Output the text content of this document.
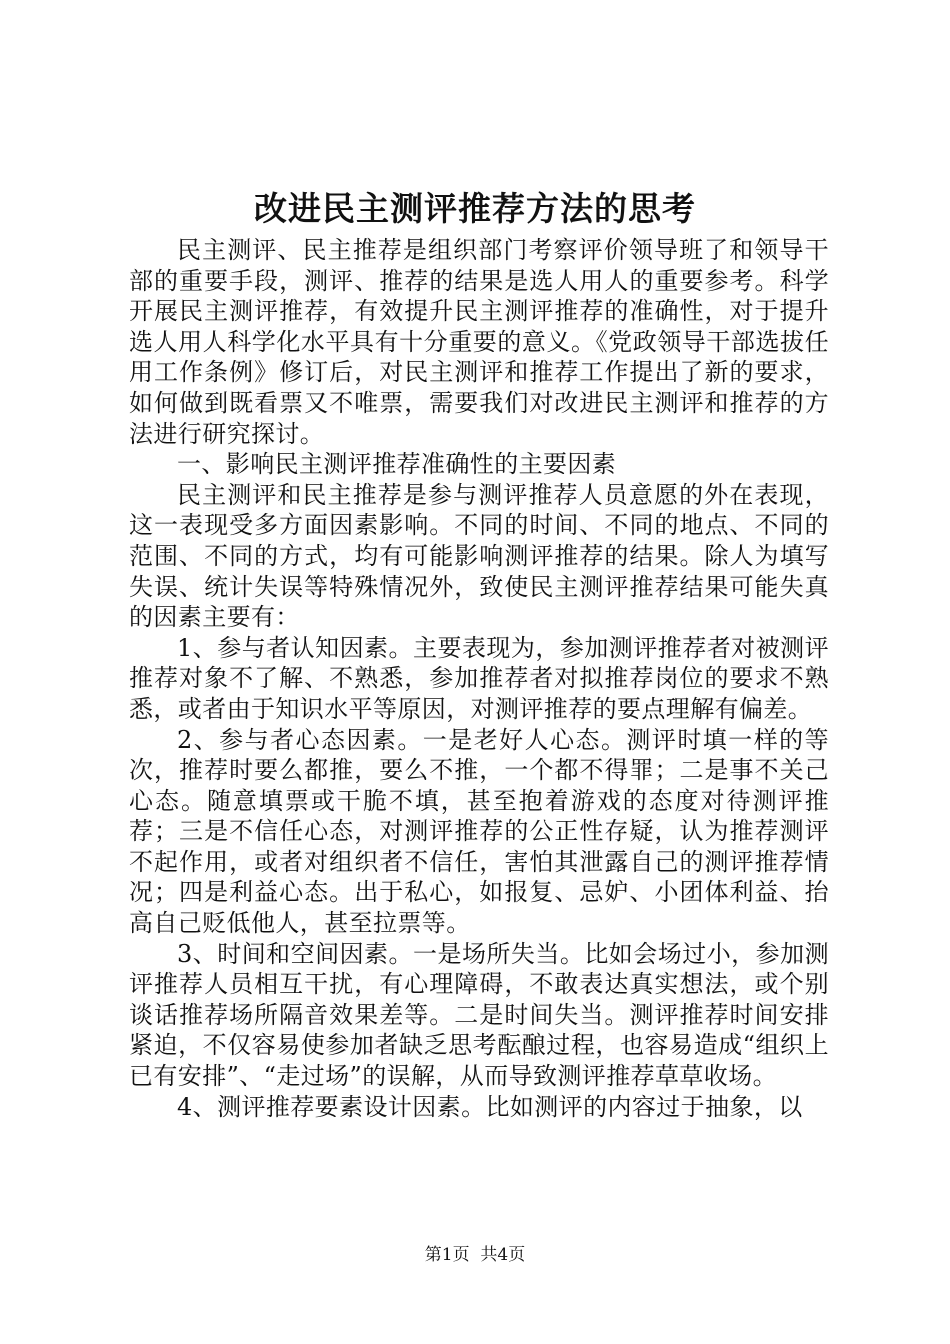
改进民主测评推荐方法的思考

民主测评、民主推荐是组织部门考察评价领导班了和领导干部的重要手段，测评、推荐的结果是选人用人的重要参考。科学开展民主测评推荐，有效提升民主测评推荐的准确性，对于提升选人用人科学化水平具有十分重要的意义。《党政领导干部选拔任用工作条例》修订后，对民主测评和推荐工作提出了新的要求，如何做到既看票又不唯票，需要我们对改进民主测评和推荐的方法进行研究探讨。

一、影响民主测评推荐准确性的主要因素

民主测评和民主推荐是参与测评推荐人员意愿的外在表现，这一表现受多方面因素影响。不同的时间、不同的地点、不同的范围、不同的方式，均有可能影响测评推荐的结果。除人为填写失误、统计失误等特殊情况外，致使民主测评推荐结果可能失真的因素主要有：

1、参与者认知因素。主要表现为，参加测评推荐者对被测评推荐对象不了解、不熟悉，参加推荐者对拟推荐岗位的要求不熟悉，或者由于知识水平等原因，对测评推荐的要点理解有偏差。

2、参与者心态因素。一是老好人心态。测评时填一样的等次，推荐时要么都推，要么不推，一个都不得罪；二是事不关己心态。随意填票或干脆不填，甚至抱着游戏的态度对待测评推荐；三是不信任心态，对测评推荐的公正性存疑，认为推荐测评不起作用，或者对组织者不信任，害怕其泄露自己的测评推荐情况；四是利益心态。出于私心，如报复、忌妒、小团体利益、抬高自己贬低他人，甚至拉票等。

3、时间和空间因素。一是场所失当。比如会场过小，参加测评推荐人员相互干扰，有心理障碍，不敢表达真实想法，或个别谈话推荐场所隔音效果差等。二是时间失当。测评推荐时间安排紧迫，不仅容易使参加者缺乏思考酝酿过程，也容易造成“组织上已有安排”、“走过场”的误解，从而导致测评推荐草草收场。

4、测评推荐要素设计因素。比如测评的内容过于抽象，以

第1页 共4页
